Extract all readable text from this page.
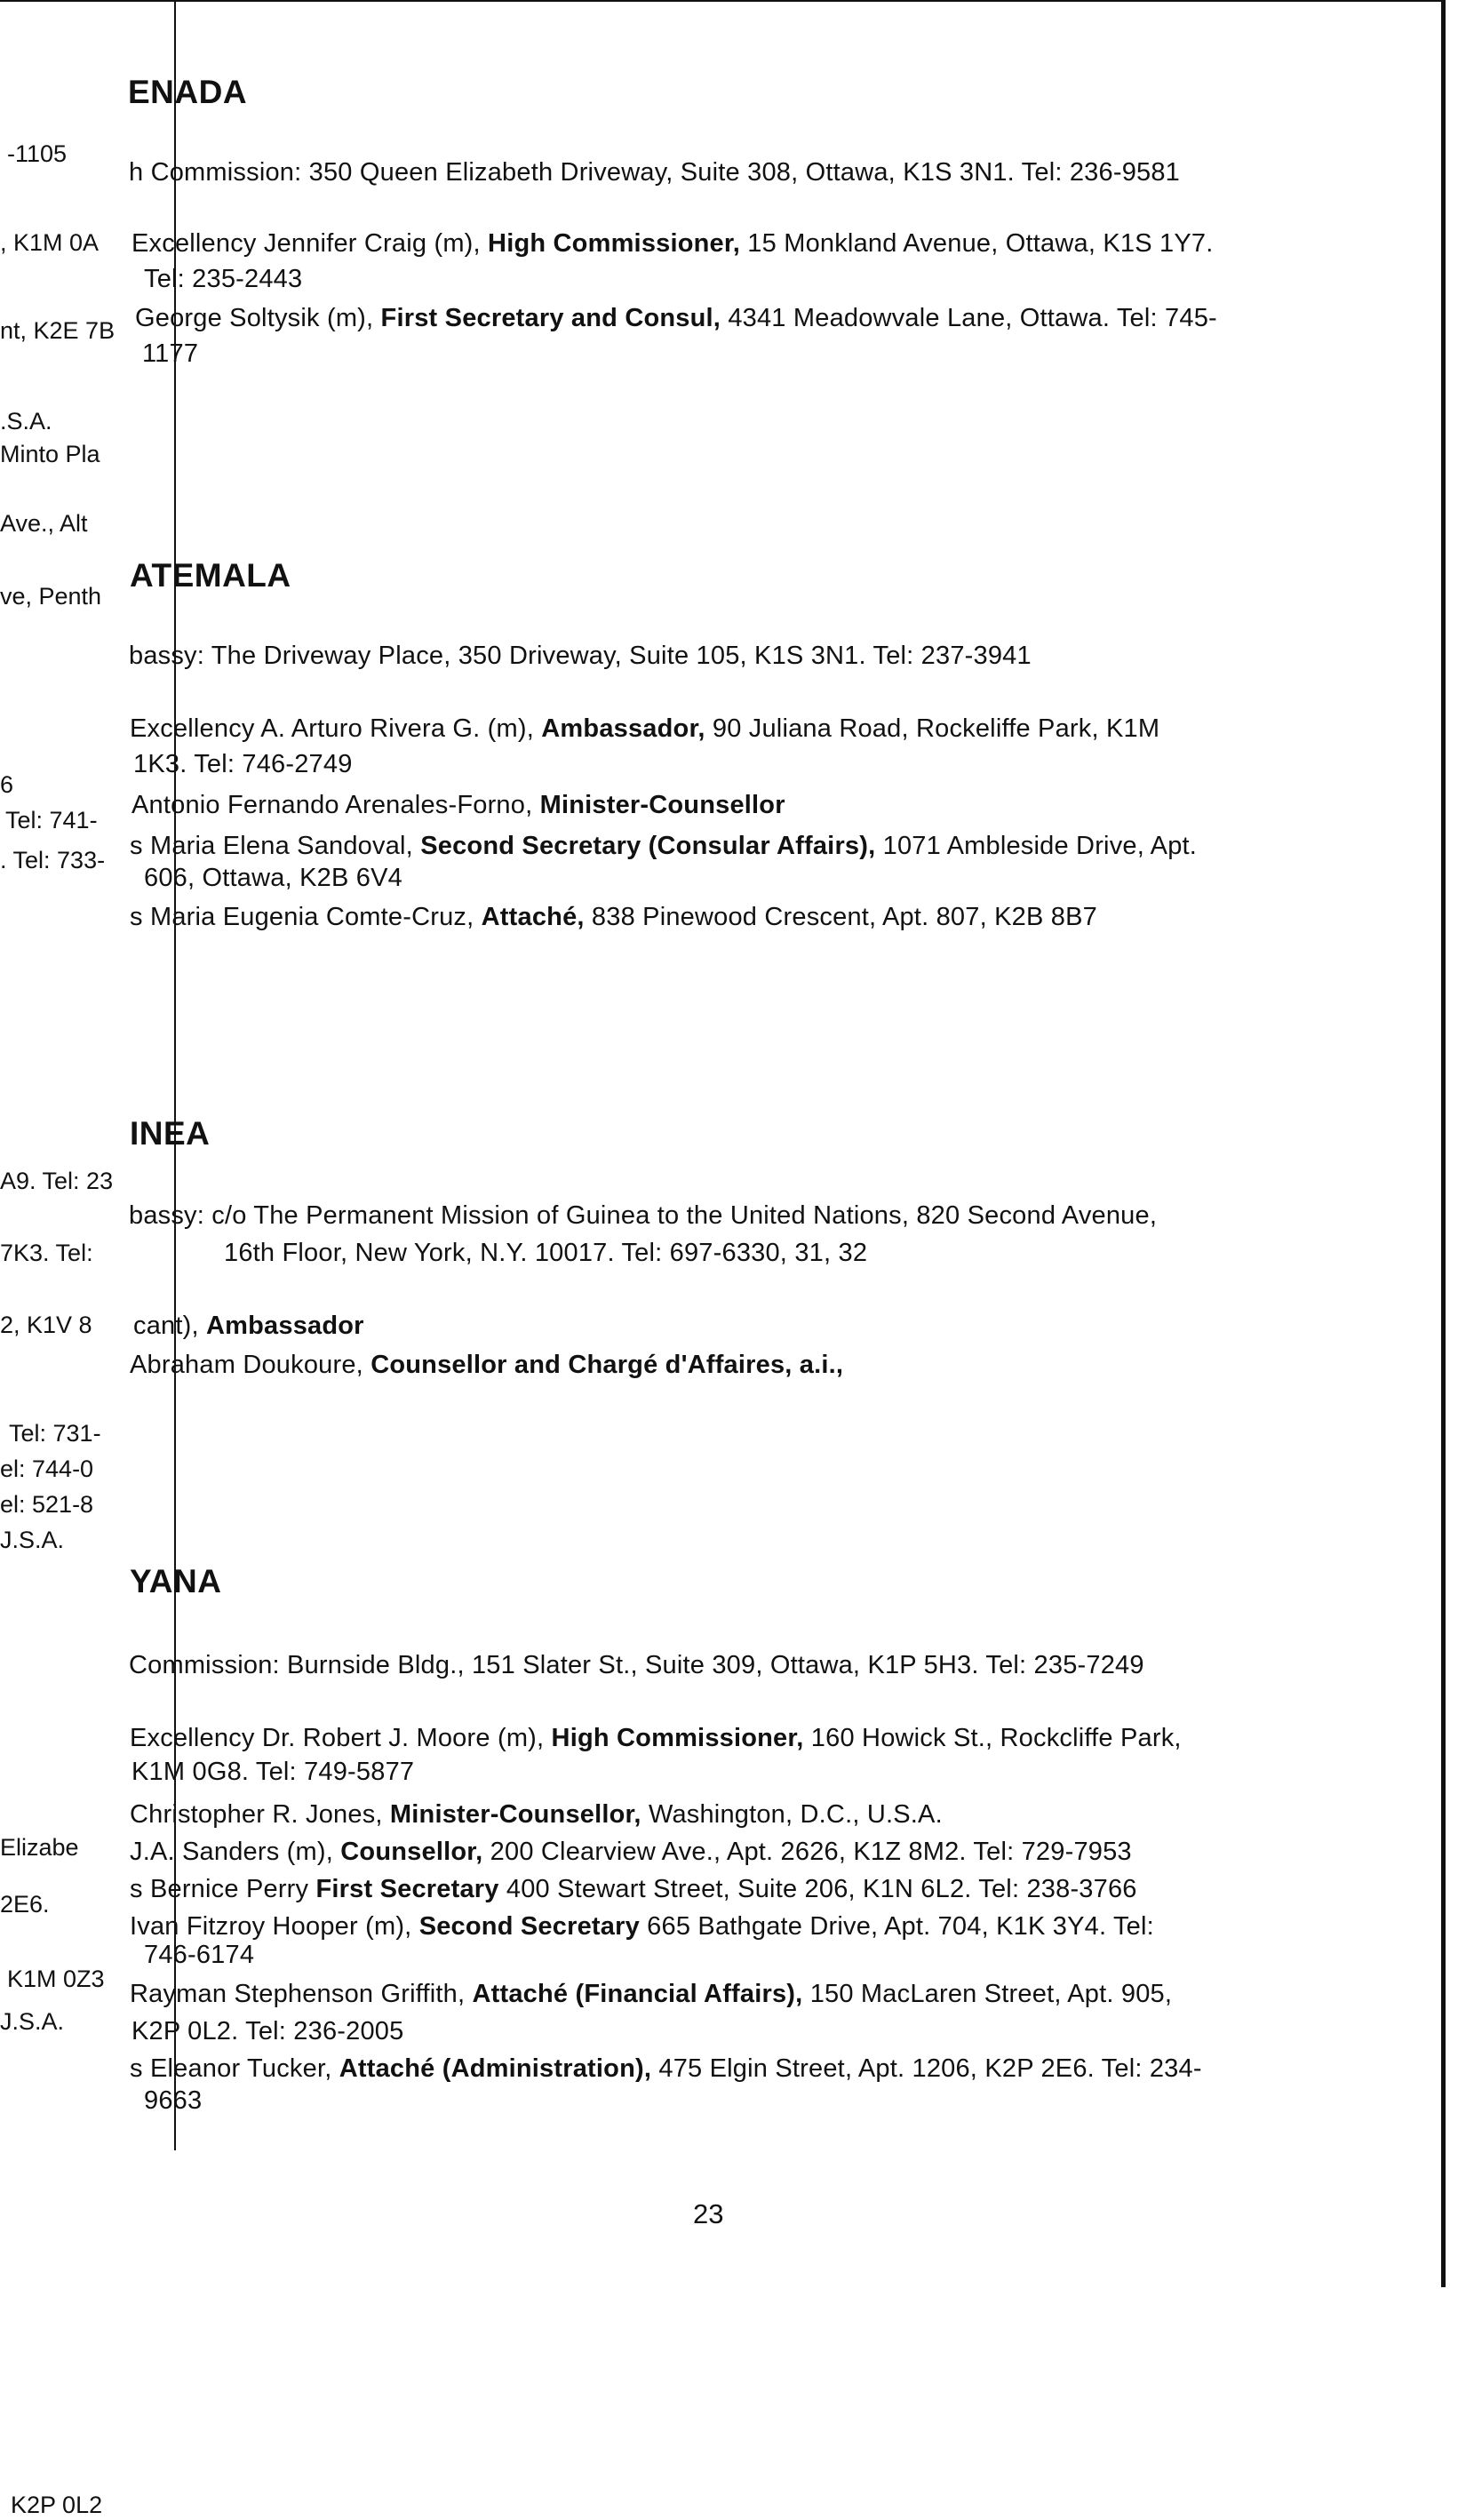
-1105
, K1M 0A
nt, K2E 7B
.S.A.
Minto Pla
Ave., Alt
ve, Penth
6
Tel: 741-
. Tel: 733-
A9. Tel: 23
7K3. Tel:
2, K1V 8
Tel: 731-
el: 744-0
el: 521-8
J.S.A.
Elizabe
2E6.
K1M 0Z3
J.S.A.
K2P 0L2
ENADA
h Commission: 350 Queen Elizabeth Driveway, Suite 308, Ottawa, K1S 3N1. Tel: 236-9581
Excellency Jennifer Craig (m), High Commissioner, 15 Monkland Avenue, Ottawa, K1S 1Y7.
Tel: 235-2443
George Soltysik (m), First Secretary and Consul, 4341 Meadowvale Lane, Ottawa. Tel: 745-
1177
ATEMALA
bassy: The Driveway Place, 350 Driveway, Suite 105, K1S 3N1. Tel: 237-3941
Excellency A. Arturo Rivera G. (m), Ambassador, 90 Juliana Road, Rockeliffe Park, K1M
1K3. Tel: 746-2749
Antonio Fernando Arenales-Forno, Minister-Counsellor
s Maria Elena Sandoval, Second Secretary (Consular Affairs), 1071 Ambleside Drive, Apt.
606, Ottawa, K2B 6V4
s Maria Eugenia Comte-Cruz, Attaché, 838 Pinewood Crescent, Apt. 807, K2B 8B7
INEA
bassy: c/o The Permanent Mission of Guinea to the United Nations, 820 Second Avenue,
16th Floor, New York, N.Y. 10017. Tel: 697-6330, 31, 32
cant), Ambassador
Abraham Doukoure, Counsellor and Chargé d'Affaires, a.i.,
YANA
Commission: Burnside Bldg., 151 Slater St., Suite 309, Ottawa, K1P 5H3. Tel: 235-7249
Excellency Dr. Robert J. Moore (m), High Commissioner, 160 Howick St., Rockcliffe Park,
K1M 0G8. Tel: 749-5877
Christopher R. Jones, Minister-Counsellor, Washington, D.C., U.S.A.
J.A. Sanders (m), Counsellor, 200 Clearview Ave., Apt. 2626, K1Z 8M2. Tel: 729-7953
s Bernice Perry First Secretary 400 Stewart Street, Suite 206, K1N 6L2. Tel: 238-3766
Ivan Fitzroy Hooper (m), Second Secretary 665 Bathgate Drive, Apt. 704, K1K 3Y4. Tel:
746-6174
Rayman Stephenson Griffith, Attaché (Financial Affairs), 150 MacLaren Street, Apt. 905,
K2P 0L2. Tel: 236-2005
s Eleanor Tucker, Attaché (Administration), 475 Elgin Street, Apt. 1206, K2P 2E6. Tel: 234-
9663
23
